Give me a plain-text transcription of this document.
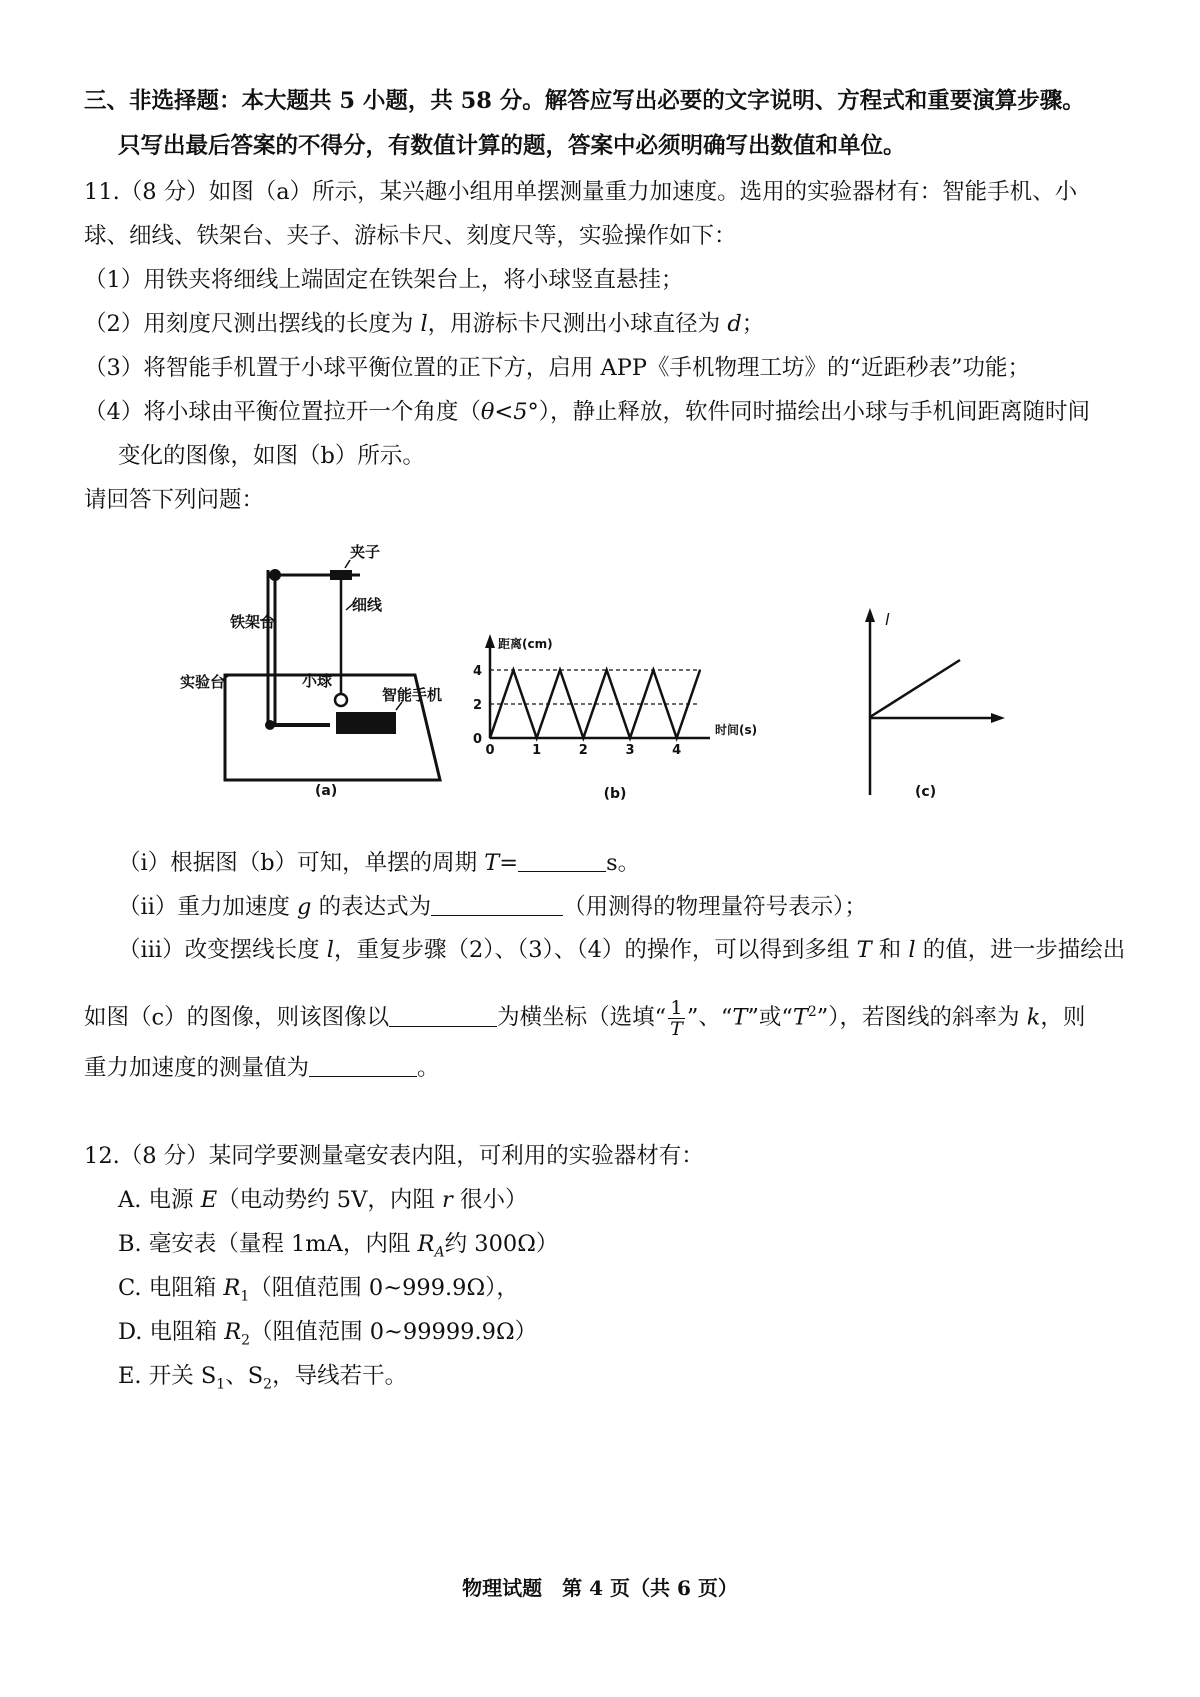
三、非选择题：本大题共 5 小题，共 58 分。解答应写出必要的文字说明、方程式和重要演算步骤。
只写出最后答案的不得分，有数值计算的题，答案中必须明确写出数值和单位。
11.（8 分）如图（a）所示，某兴趣小组用单摆测量重力加速度。选用的实验器材有：智能手机、小
球、细线、铁架台、夹子、游标卡尺、刻度尺等，实验操作如下：
（1）用铁夹将细线上端固定在铁架台上，将小球竖直悬挂；
（2）用刻度尺测出摆线的长度为 l，用游标卡尺测出小球直径为 d；
（3）将智能手机置于小球平衡位置的正下方，启用 APP《手机物理工坊》的“近距秒表”功能；
（4）将小球由平衡位置拉开一个角度（θ<5°），静止释放，软件同时描绘出小球与手机间距离随时间
变化的图像，如图（b）所示。
请回答下列问题：
夹子
铁架台
细线
实验台	小球
智能手机
(a)
0
2
4
0	1	2	3	4
距离(cm)
时间(s)
(b)
l
(c)
（i）根据图（b）可知，单摆的周期 T=	s。
（ii）重力加速度 g 的表达式为	（用测得的物理量符号表示）；
（iii）改变摆线长度 l，重复步骤（2）、（3）、（4）的操作，可以得到多组 T 和 l 的值，进一步描绘出
如图（c）的图像，则该图像以	为横坐标（选填“ $\frac{1}{T}$ ”、“T”或“$T^2$”），若图线的斜率为 k，则
重力加速度的测量值为	。
12.（8 分）某同学要测量毫安表内阻，可利用的实验器材有：
A. 电源 E（电动势约 5V，内阻 r 很小）
B. 毫安表（量程 1mA，内阻 $R_A$约 300Ω）
C. 电阻箱 $R_1$（阻值范围 0~999.9Ω），
D. 电阻箱 $R_2$（阻值范围 0~99999.9Ω）
E. 开关 $S_1$、$S_2$，导线若干。
物理试题　第 4 页（共 6 页）
